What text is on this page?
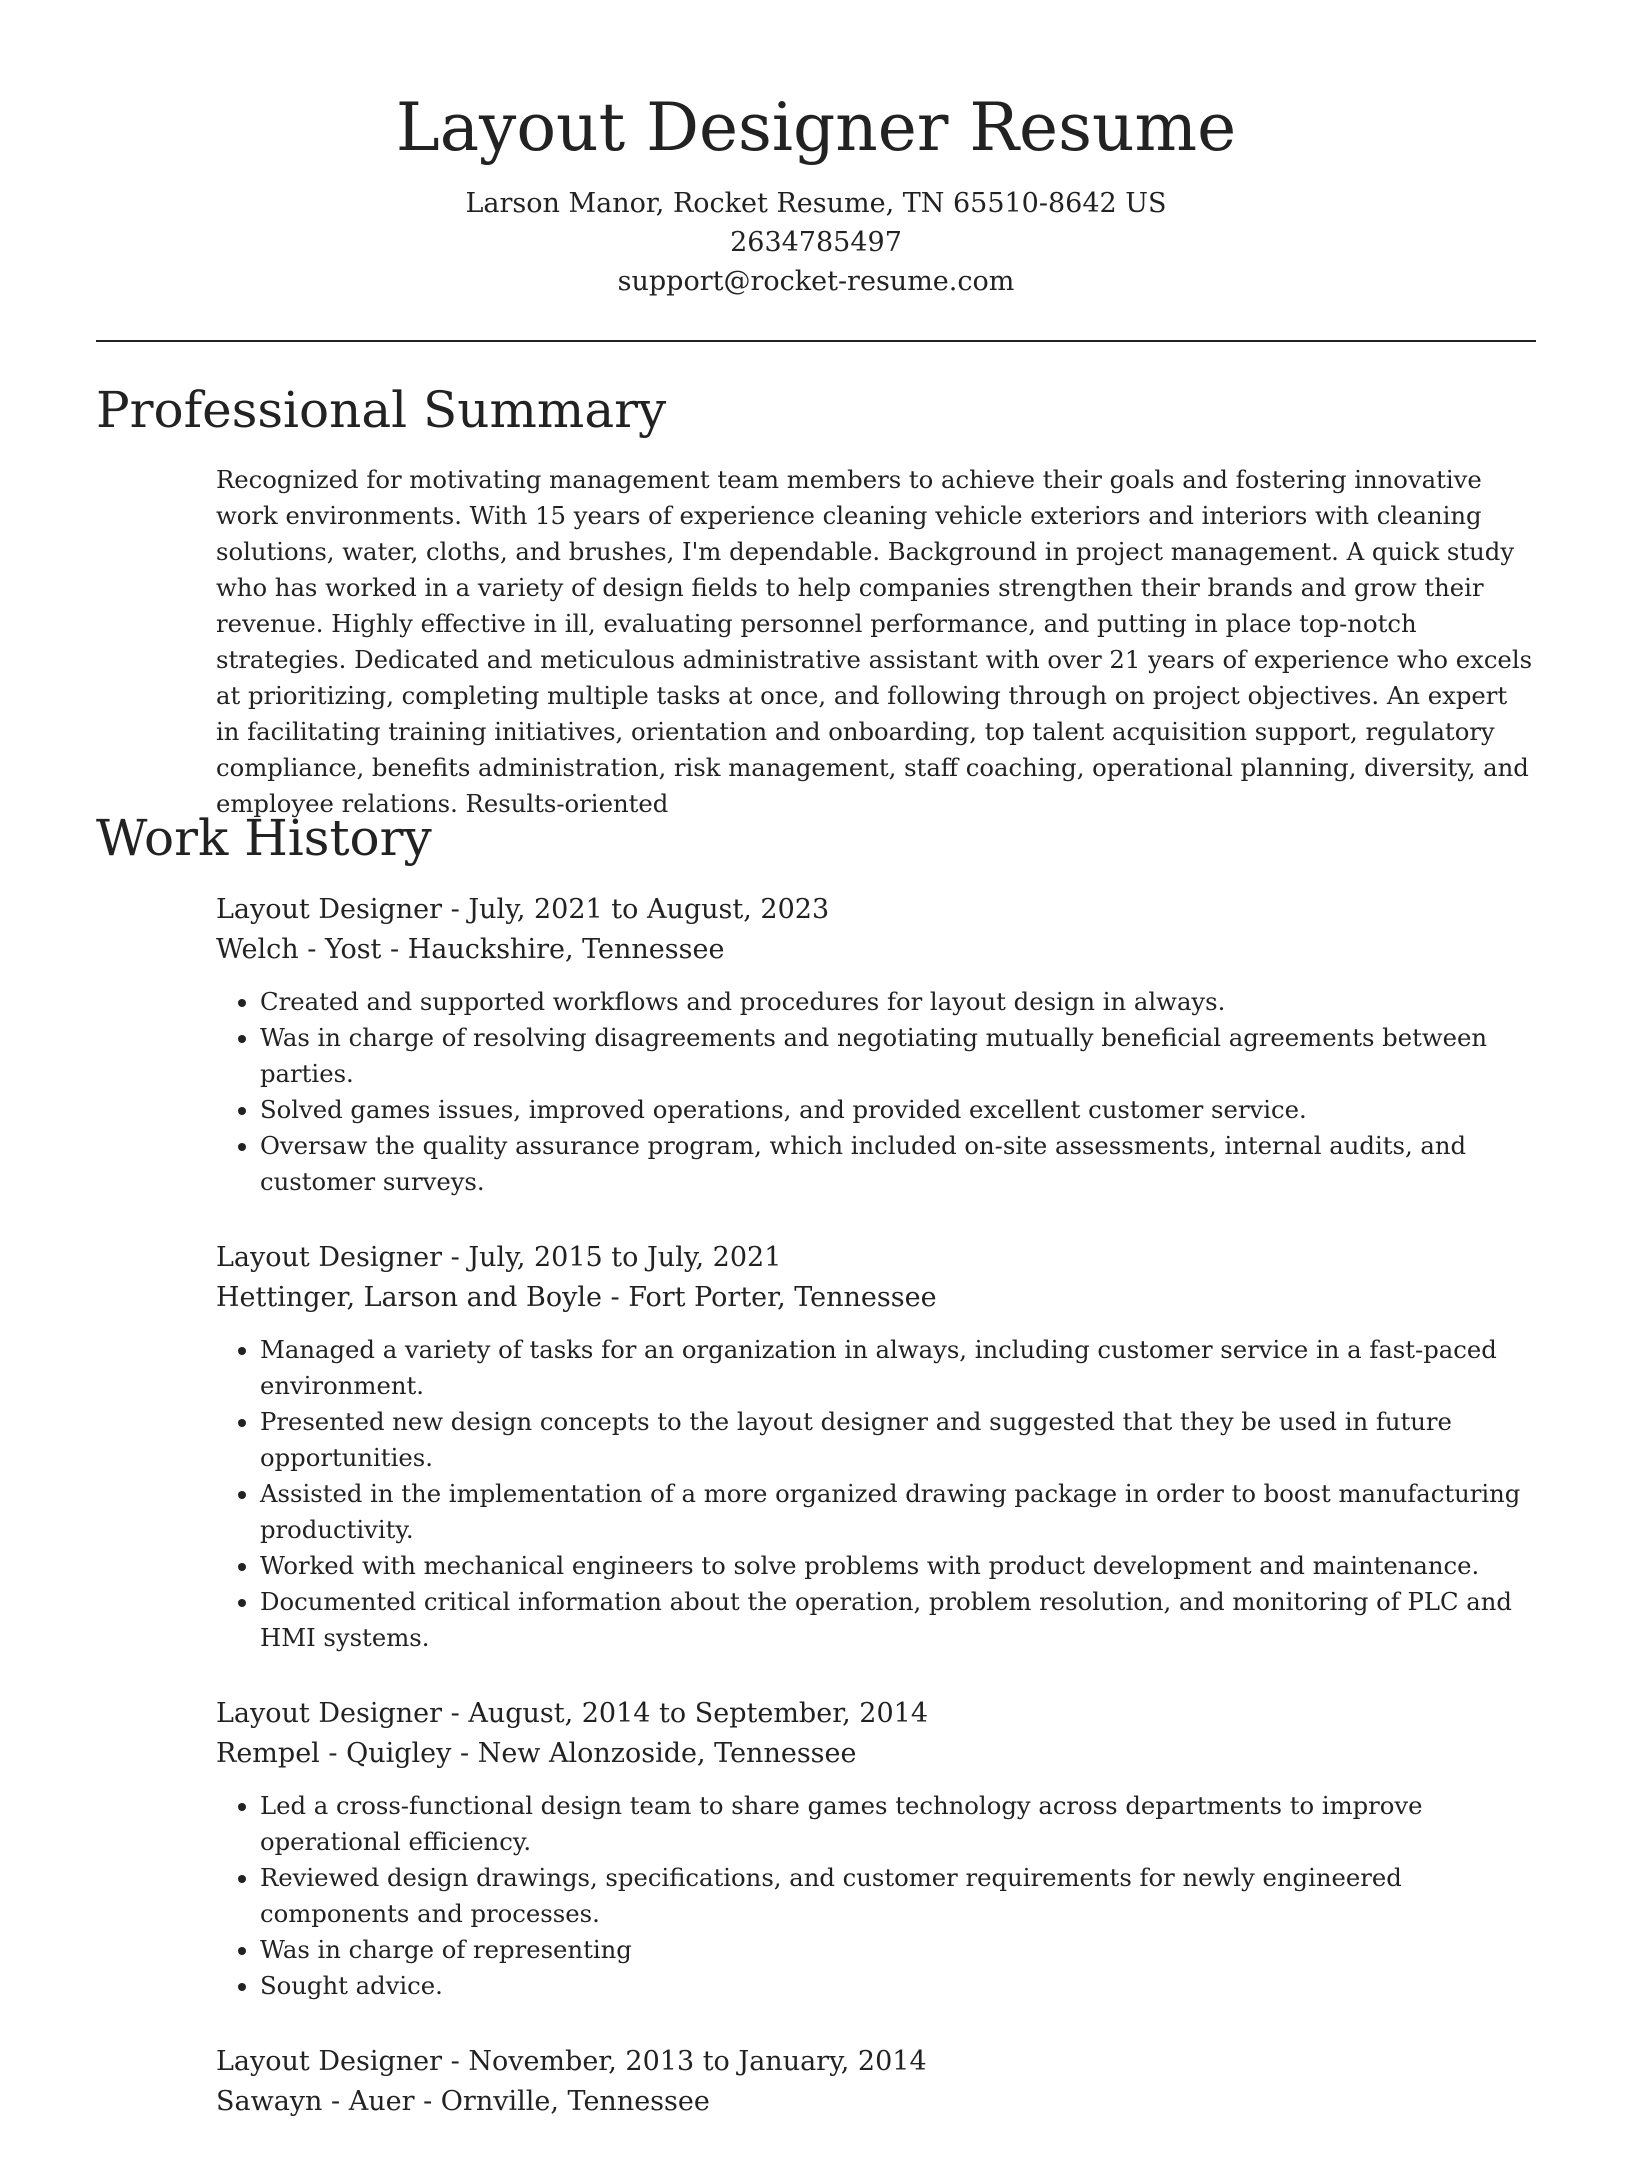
Layout Designer Resume
Larson Manor, Rocket Resume, TN 65510-8642 US
2634785497
support@rocket-resume.com
Professional Summary

Recognized for motivating management team members to achieve their goals and fostering innovative work environments. With 15 years of experience cleaning vehicle exteriors and interiors with cleaning solutions, water, cloths, and brushes, I'm dependable. Background in project management. A quick study who has worked in a variety of design fields to help companies strengthen their brands and grow their revenue. Highly effective in ill, evaluating personnel performance, and putting in place top-notch strategies. Dedicated and meticulous administrative assistant with over 21 years of experience who excels at prioritizing, completing multiple tasks at once, and following through on project objectives. An expert in facilitating training initiatives, orientation and onboarding, top talent acquisition support, regulatory compliance, benefits administration, risk management, staff coaching, operational planning, diversity, and employee relations. Results-oriented

Work History
Layout Designer - July, 2021 to August, 2023
Welch - Yost - Hauckshire, Tennessee
• Created and supported workflows and procedures for layout design in always.
• Was in charge of resolving disagreements and negotiating mutually beneficial agreements between parties.
• Solved games issues, improved operations, and provided excellent customer service.
• Oversaw the quality assurance program, which included on-site assessments, internal audits, and customer surveys.
Layout Designer - July, 2015 to July, 2021
Hettinger, Larson and Boyle - Fort Porter, Tennessee
• Managed a variety of tasks for an organization in always, including customer service in a fast-paced environment.
• Presented new design concepts to the layout designer and suggested that they be used in future opportunities.
• Assisted in the implementation of a more organized drawing package in order to boost manufacturing productivity.
• Worked with mechanical engineers to solve problems with product development and maintenance.
• Documented critical information about the operation, problem resolution, and monitoring of PLC and HMI systems.
Layout Designer - August, 2014 to September, 2014
Rempel - Quigley - New Alonzoside, Tennessee
• Led a cross-functional design team to share games technology across departments to improve operational efficiency.
• Reviewed design drawings, specifications, and customer requirements for newly engineered components and processes.
• Was in charge of representing
• Sought advice.
Layout Designer - November, 2013 to January, 2014
Sawayn - Auer - Ornville, Tennessee
